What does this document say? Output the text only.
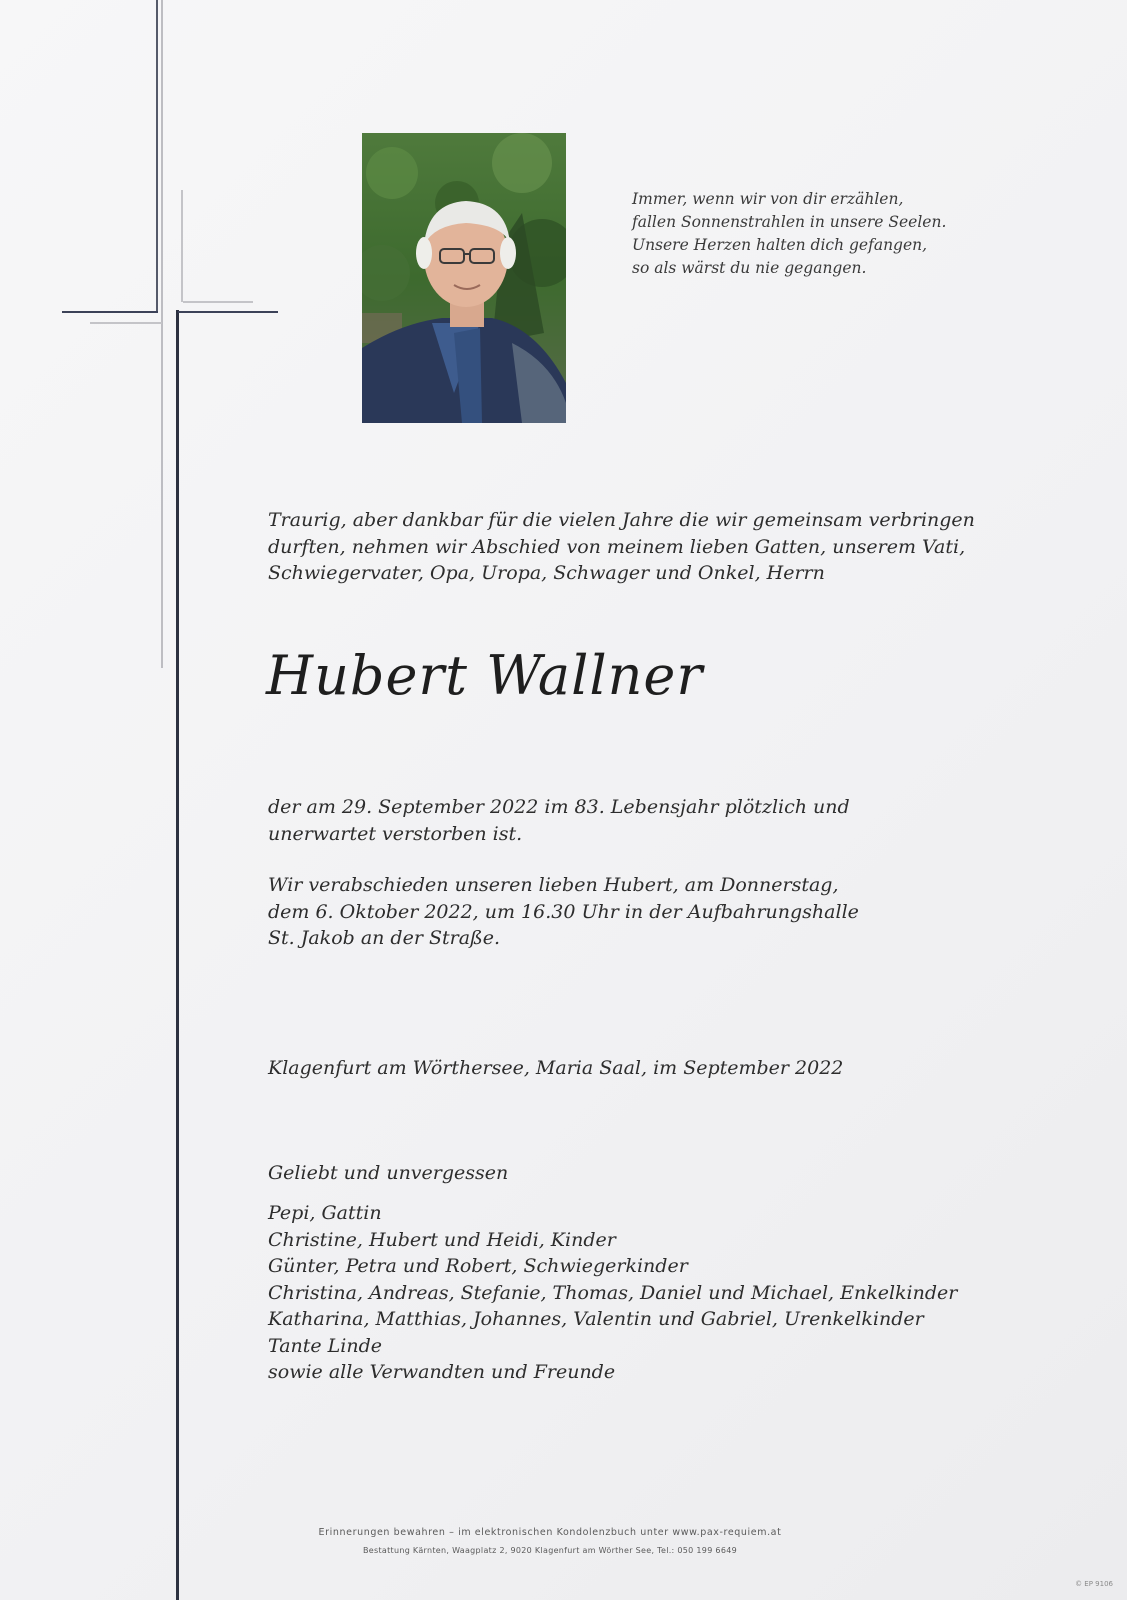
Immer, wenn wir von dir erzählen,
fallen Sonnenstrahlen in unsere Seelen.
Unsere Herzen halten dich gefangen,
so als wärst du nie gegangen.
Traurig, aber dankbar für die vielen Jahre die wir gemeinsam verbringen
durften, nehmen wir Abschied von meinem lieben Gatten, unserem Vati,
Schwiegervater, Opa, Uropa, Schwager und Onkel, Herrn
Hubert Wallner
der am 29. September 2022 im 83. Lebensjahr plötzlich und
unerwartet verstorben ist.
Wir verabschieden unseren lieben Hubert, am Donnerstag,
dem 6. Oktober 2022, um 16.30 Uhr in der Aufbahrungshalle
St. Jakob an der Straße.
Klagenfurt am Wörthersee, Maria Saal, im September 2022
Geliebt und unvergessen
Pepi, Gattin
Christine, Hubert und Heidi, Kinder
Günter, Petra und Robert, Schwiegerkinder
Christina, Andreas, Stefanie, Thomas, Daniel und Michael, Enkelkinder
Katharina, Matthias, Johannes, Valentin und Gabriel, Urenkelkinder
Tante Linde
sowie alle Verwandten und Freunde
Erinnerungen bewahren – im elektronischen Kondolenzbuch unter www.pax-requiem.at
Bestattung Kärnten, Waagplatz 2, 9020 Klagenfurt am Wörther See, Tel.: 050 199 6649
© EP 9106
